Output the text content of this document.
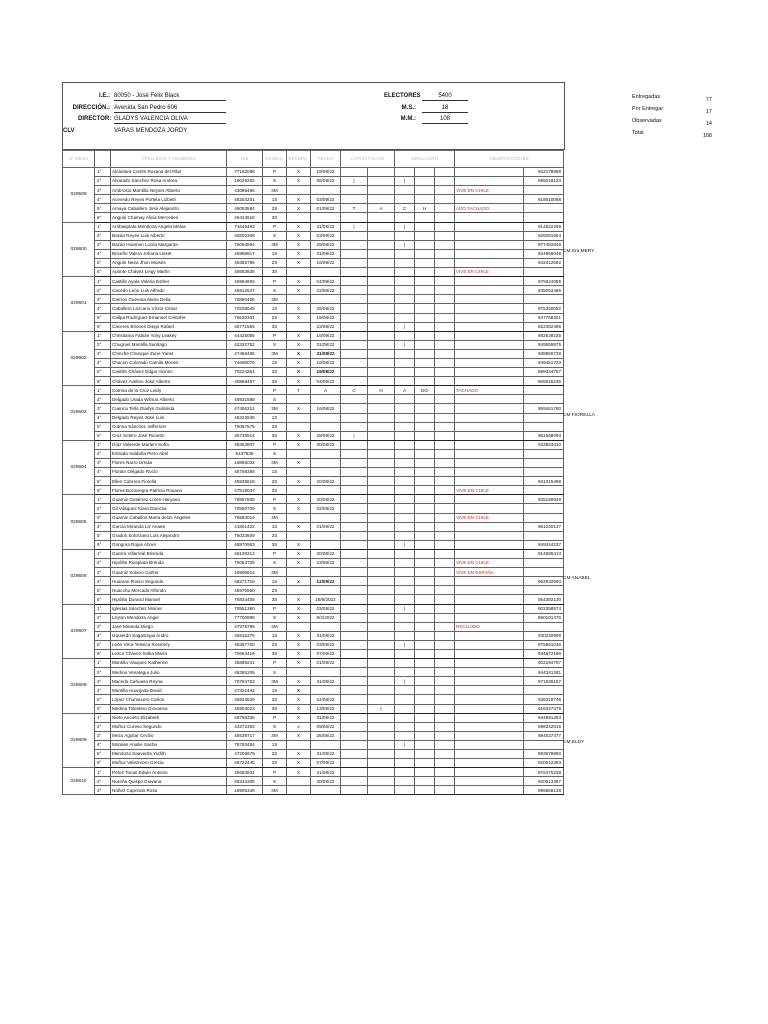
I.E.: 80050 - José Félix Black
DIRECCIÓN.: Avenida San Pedro 606
DIRECTOR: GLADYS VALENCIA OLIVA
CLV	VARAS MENDOZA JORDY
ELECTORES	5400
M.S.:	18
M.M.:	108
Entregadas	77
Por Entregar	17
Observadas	14
Total	108
N° MESA		APELLIDOS Y NOMBRES	DNI	CONDIC.	RECEPC.	FECHA	CAPACITACIÓN		SIMULACRO			OBSERVACIONES	
029599	1°	Alcántara Cortés Roxana del Pilar	77162098	P	X	19/08/22							942178889
	2°	Alvarado Sánchez Rosa Andrea	18029262	S	X	06/09/22	|		|				995018123
	3°	Ambrosio Mantilla Neyser Alberto	43086496	3M								VIVE EN CHILE	
	4°	Acevedo Reyes Portela Lizbeth	45254201	1S	X	03/09/22							918510098
	5°	Amaya Caballero José Alejandro	46093584	2S	X	01/09/22	T	A	C	H		ADO TACHADO	
	6°	Angulo Chamay Alicia Mercedes	46424916	3S									
029600	1°	Arribasplata Mendoza Angela Melva	71645483	P	X	31/08/22	|		|				914622266
	2°	Bazán Reyes Luis Alberto	46502308	S	X	03/09/22							926081654
	3°	Bazán Huaman Lucila Margarita	75054894	3M	X	29/08/22			|				977482849
	4°	Briceño Valera Johana Lisset	45989817	1S	X	31/08/22							924968048
	5°	Angulo Neira Jhon Moisés	45356796	2S	X	16/09/22							942412692
	6°	Aponte Chávez Leigy Martín	45683835	3S								VIVE EN CHILE	
029601	1°	Castillo Ayala Valeria Esther	46964693	P	X	04/09/22							975624055
	2°	Cacedo León Luis Alfredo	45912527	S	X	22/08/22							935053486
	3°	Carrion Guevara Maria Delia	76860466	3M									
	4°	Caballero Lezcano Víctor César	70208049	1S	X	26/08/22							975350052
	5°	Callpa Rodríguez Emanuel Cristofer	76630331	2S	X	19/08/22							947768301
	6°	Cáceres Briones Diego Rafael	45771555	3S		23/08/22			|				922482495
029602	1°	Christiama Fabián Yony Leakey	44425085	P	X	16/09/22							982639225
	2°	Chugnas Mantilla Santiago	42322752	S	X	31/08/22			|				949559975
	3°	Chinche Chunque Zune Yanet	47456485	3M	X	31/08/22							938860739
	4°	Chacon Colorado Camila Mones	74698070	1S	X	16/08/22							949451723
	5°	Castillo Chávez Edgar Alonso	70224354	2S	X	19/08/22							999334757
	6°	Chávez Avelino José Alberto	45868457	3S	X	04/09/22							965845236
029603	1°	Cotrina de la Cruz Leidy		P	T	A	C	H	A	DO		TACHADO	
	2°	Delgado Urada Wilmar Alberto	45931588	S									
	3°	Cuenca Tello Gladys Guilsinda	47456214	3M	X	16/08/22							969461780
	4°	Delgado Reyes José Luis	45322845	1S									
	5°	Cotrina Sánchez Jefferson	75057575	2S									
	6°	Cruz Sotero José Ricardo	45738914	3S	X	28/08/22	|						951568093
029604	1°	Díaz Valverde Marleni Sofía	45353807	P	X	30/08/22							933863410
	2°	Estrada Saldaña Piero Abel	6437838	S									
	3°	Flores Narro Ursula	18865032	3M	X								
	4°	Florián Delgado Rocío	45756366	1S									
	5°	Ellen Cabrera Fiorella	45835818	2S	X	20/08/22							931315498
	6°	Flores Bocanegra Patricia Roxana	47518037	3S								VIVE EN CHILE	
029605	1°	Guarniz Gutiérrez Loren Haryana	76957808	P	X	30/08/22							935159949
	2°	Gil Vásquez Kiara Danicsa	70550709	S	X	02/09/22							
	3°	Guarniz Caballos María delos Ángeles	76583019	3M								VIVE EN CHILE	
	4°	García Miranda Liz Anaee	41801422	1S	X	01/09/22							961240137
	5°	Grados Solorzano Luis Alejandro	75023609	2S									
	6°	Gongora Rojas Ahner	45970963	3S	X				|				949344237
029606	1°	Guerra Villarreal Brisnida	46128313	P	X	30/08/22							914685413
	2°	Hipólito Rivaplata Brenda	75054739	S	X	23/08/22						VIVE EN CHILE	
	3°	Guarniz Solano Carlos	18906614	3M								VIVE EN ESPAÑA	
	4°	Huaman Rosco Segundo	48271719	1S	x	12/09/22							962932660
	5°	Huacchu Mercado Alfondo	45970960	2S									
	6°	Hipólito Durand Manuel	75834408	3S	X	16/9/2022							954392130
029607	1°	Iglesias Sánchez Moiner	70551360	P	X	03/09/22			|				902358574
	2°	Leyton Mendoza Angie	77700998	S	X	8/2/2022							960101476
	3°	Jave Miranda Diego	47978795	3M								RECLUIDO	
	4°	Izquierdo Sagastegui Andro	45916375	1S	X	31/08/22							930240909
	5°	León Vilca Yessica Rosmery	45357700	2S	X	03/09/22			|				975561036
	6°	Lezco Chávez Selka María	70653419	3S	X	07/09/22							934572186
029608	1°	Mantilla Vásquez Katherine	45889241	P	X	01/09/22							902194797
	2°	Medina Venategui Julio	46355206	S									944341281
	3°	Macedo Cahuaso Reyna	70764753	3M	X	31/08/22			|				971939167
	4°	Mantilla Huarijaita David	47322442	1S	X								
	5°	López Chumacero Carlos	45933629	2S	X	24/08/22							936318746
	6°	Medina Tolentino Giovanna	45903023	3S	X	13/09/22		|					916327479
029609	1°	Nieto Ancieto Elizabeth	45756336	P	X	31/08/22							944881253
	2°	Muñoz Cureso Segundo	44272383	S	x	09/06/22							998342815
	3°	Meza Aguilar Cecilio	46539717	3M	X	25/08/22							984637477
	4°	Morales Anabe Sasha	75793484	1S					|				
	5°	Mendoza Saavedra Yudith	47206679	2S	X	31/08/22							993679950
	6°	Muñoz Velezmoro Grecia	45722445	3S	X	07/09/22							920612393
029610	1°	Pérez Tocas Edwin Antonio	45683831	P	X	31/08/22							976475239
	2°	Nureña Quispe Giovana	45344305	S		30/08/22							920613497
	3°	Núñez Caprinan Rosa	18905349	3M									995858138
CM Sra MERY
CM FIORELLA
CM ANABEL
CM ELDY
